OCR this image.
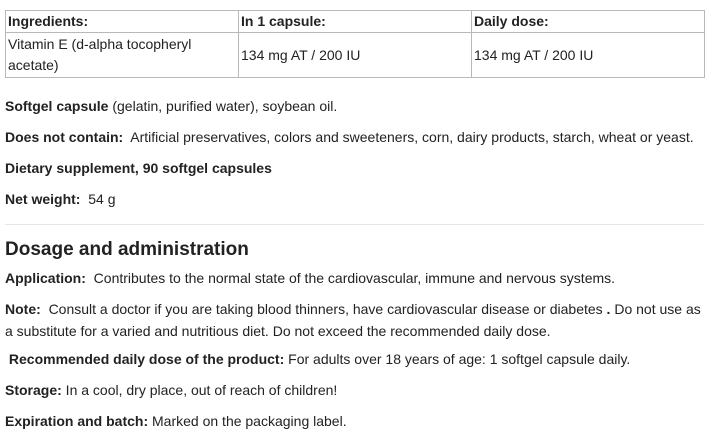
Ingredients:	In 1 capsule:	Daily dose:
Vitamin E (d-alpha tocopheryl acetate)	134 mg AT / 200 IU	134 mg AT / 200 IU
Softgel capsule (gelatin, purified water), soybean oil.
Does not contain: Artificial preservatives, colors and sweeteners, corn, dairy products, starch, wheat or yeast.
Dietary supplement, 90 softgel capsules
Net weight: 54 g
Dosage and administration
Application: Contributes to the normal state of the cardiovascular, immune and nervous systems.
Note: Consult a doctor if you are taking blood thinners, have cardiovascular disease or diabetes . Do not use as a substitute for a varied and nutritious diet. Do not exceed the recommended daily dose.
Recommended daily dose of the product: For adults over 18 years of age: 1 softgel capsule daily.
Storage: In a cool, dry place, out of reach of children!
Expiration and batch: Marked on the packaging label.
